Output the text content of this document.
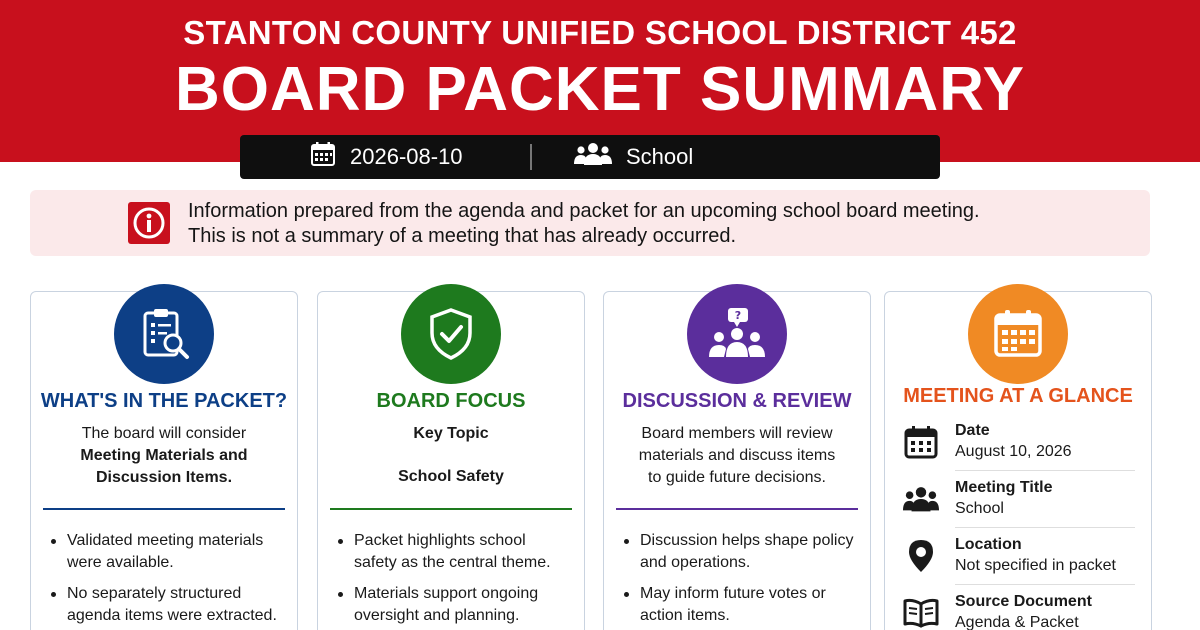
STANTON COUNTY UNIFIED SCHOOL DISTRICT 452
BOARD PACKET SUMMARY
2026-08-10	School
Information prepared from the agenda and packet for an upcoming school board meeting.
This is not a summary of a meeting that has already occurred.
WHAT'S IN THE PACKET?
The board will consider
Meeting Materials and
Discussion Items.
Validated meeting materials were available.
No separately structured agenda items were extracted.
BOARD FOCUS
Key Topic
School Safety
Packet highlights school safety as the central theme.
Materials support ongoing oversight and planning.
?
DISCUSSION & REVIEW
Board members will review
materials and discuss items
to guide future decisions.
Discussion helps shape policy and operations.
May inform future votes or action items.
MEETING AT A GLANCE
Date
August 10, 2026
Meeting Title
School
Location
Not specified in packet
Source Document
Agenda & Packet
